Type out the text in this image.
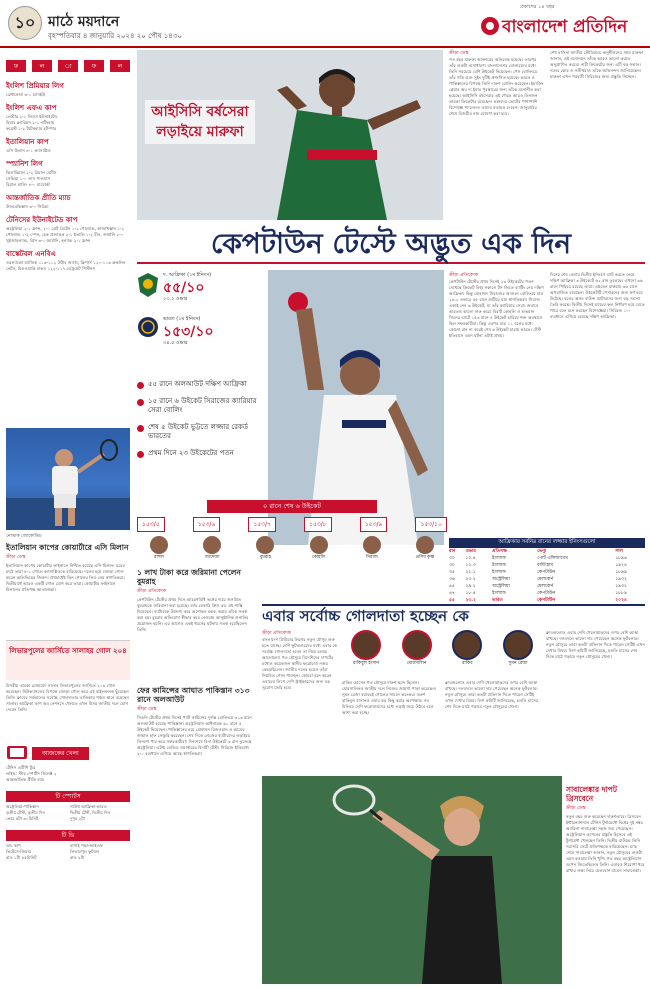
১০ মাঠে ময়দানে
বৃহস্পতিবার ৪ জানুয়ারি ২০২৪ ২০ পৌষ ১৪৩০
প্রকাশের ১৪ বছর
বাংলাদেশ প্রতিদিন
ফ	ল	া	ফ	ল
ইংলিশ প্রিমিয়ার লিগ
ব্রেন্টফোর্ড ৩-১ ম্যানইউ
ইংলিশ এফএ কাপ
লেস্টার ২-১ লিডস ইউনাইটেড
হিয়ার ক্ল্যারিয়ন ২-১ নটিংহাম
ফরেস্ট ১-২ টটেনহ্যাম হটস্পার
ইতালিয়ান কাপ
এসি মিলান ৪-১ ক্যাসাগ্লিও
স্প্যানিশ লিগ
ভিলারিয়াল ২-২ রিয়াল বেটিস
সেভিয়া ১-০ লাস পালমাস
রিয়াল মাদ্রিদ ৪-০ মায়োর্কা
আন্তর্জাতিক প্রীতি ম্যাচ
উজবেকিস্তান ৩-০ সিরিয়া
টেনিসের ইউনাইটেড কাপ
অস্ট্রেলিয়া ২-১ ফ্রান্স, ২-০ গ্রেট ব্রিটেন ১-২ পোল্যান্ড, কাজাখস্তান ১-২ পোল্যান্ড ১-২ স্পেন, চেক প্রজাতন্ত্র ২-১ ইতালি ১-২ চীন, জার্মানি ২-০ সুইজারল্যান্ড, গ্রিস ৩-০ জার্মানি, হল্যান্ড ২-১ ফ্রান্স
বাস্কেটবল এনবিএ
ওরল্যান্ডো ম্যাজিক ১১৬-১১২ উটাহ জ্যাজ, ক্লিপার্স ১২০-১০৬ ব্রুকলিন নেটস, মিলওয়াকি বাকস ১২২-১১৭ ডেট্রয়েট পিস্টনস
নোভাক জোকোভিচ
ইতালিয়ান কাপের কোয়ার্টারে এসি মিলান
ক্রীড়া ডেস্ক
ইতালিয়ান কাপের কোয়ার্টার ফাইনালে নিশ্চিত হয়েছে এসি মিলান। ঘরের মাঠে তারা ৪-১ গোলে ক্যাসাগ্লিওকে হারিয়েছে। দলের হয়ে জোড়া গোল করেন অলিভিয়ের জিরুদ। প্রথমার্ধেই তিন গোলের লিড নেয় স্বাগতিকরা। দ্বিতীয়ার্ধে আরও একটি গোল যোগ করে তারা। কোয়ার্টার ফাইনালে মিলানের প্রতিপক্ষ আতালান্তা।
লিভারপুলের জার্সিতে সালাহর গোল ২০৪
মিসরীয় তারকা মোহামেদ সালাহ লিভারপুলের জার্সিতে ২০৪ গোল করেছেন। নিউক্যাসলের বিপক্ষে জোড়া গোল করে এই মাইলফলক ছুঁয়েছেন তিনি। ক্লাবের সর্বকালের সর্বোচ্চ গোলদাতার তালিকায় পঞ্চম স্থানে রয়েছেন সালাহ। আফ্রিকা কাপ অব নেশনসে খেলতে এখন মিসর জাতীয় দলে যোগ দেবেন তিনি।
আজকের খেলা
টেনিস এটিপি ট্যুর
লাইভ: স্টার স্পোর্টস সিলেক্ট ২
আন্তর্জাতিক প্রীতি ম্যাচ
টি স্পোর্টস
অস্ট্রেলিয়া-পাকিস্তান
তৃতীয় টেস্ট, তৃতীয় দিন
ভোর ৫টা ৩০মিনিট
সাউথ আফ্রিকা-ভারত
দ্বিতীয় টেস্ট, দ্বিতীয় দিন
দুপুর ২টা
টি ভি
ডাচ কাপ
ভিটেসে-জিয়ার
রাত ১টা ৪৫মিনিট
বাসাই পদ্মা-আইএফ
লিভারপুল ফুটবল
রাত ২টা
আইসিসি বর্ষসেরা লড়াইয়ে মারুফা
ক্রীড়া ডেস্ক
গত বছর মারুফা আক্তারের অভিষেক হয়েছে। তারপর তাঁর শুরুটা অসাধারণ। বাংলাদেশের বোলারদের মধ্যে তিনি সবচেয়ে বেশি উইকেট নিয়েছেন। পেস বোলিংয়ে তাঁর গতি এবং সুইং দুটিই প্রশংসিত হয়েছে। ভারত ও পাকিস্তানের বিপক্ষে তিনি দারুণ বোলিং করেছেন। ইমার্জিং প্লেয়ার অব দ্য ইয়ার পুরস্কারের জন্য তাঁকে মনোনীত করা হয়েছে। আইসিসি বর্ষসেরার এই দৌড়ে আরও তিনজন তারকা ক্রিকেটার রয়েছেন। ভক্তদের ভোটের পাশাপাশি বিশেষজ্ঞ প্যানেলও তাদের মতামত দেবেন। জানুয়ারির শেষে বিজয়ীর নাম ঘোষণা করা হবে।
শেখ হাসিনা জাতীয় স্টেডিয়ামে অনুশীলনের সময় মারুফা জানান, এই মনোনয়ন তাঁকে আরও ভালো করতে অনুপ্রাণিত করবে। নারী ক্রিকেটের জন্য এটি বড় সম্মান। দলের কোচ ও সতীর্থরাও তাঁকে অভিনন্দন জানিয়েছেন। মারুফা এখন পরবর্তী সিরিজের জন্য প্রস্তুতি নিচ্ছেন।
কেপটাউন টেস্টে অদ্ভুত এক দিন
দ. আফ্রিকা (১ম ইনিংস)
৫৫/১০
২৩.২ ওভার
ভারত (১ম ইনিংস)
১৫৩/১০
৩৪.৫ ওভার
৫৫ রানে অলআউট দক্ষিণ আফ্রিকা
১৫ রানে ৬ উইকেট সিরাজের ক্যারিয়ার সেরা বোলিং
শেষ ৫ উইকেট ভুট্টতে লজ্জার রেকর্ড ভারতের
প্রথম দিনে ২৩ উইকেটের পতন
০ রানে শেষ ৬ উইকেট
১৫৩/৫	১৫৩/৬	১৫৩/৭	১৫৩/৮	১৫৩/৯	১৫৩/১০
রাহুল	জাদেজা	বুমরাহ	কোহলি	সিরাজ	প্রসিধ কৃষ্ণ
ক্রীড়া প্রতিবেদক
কেপটাউন টেস্টের প্রথম দিনেই ২৩ উইকেটের পতন দেখেছে ক্রিকেট বিশ্ব। সকালে টস জিতে ব্যাটিং নেয় দক্ষিণ আফ্রিকা। কিন্তু মোহাম্মদ সিরাজের আগুনে বোলিংয়ে মাত্র ২৩.২ ওভারে ৫৫ রানে গুটিয়ে যায় স্বাগতিকরা। সিরাজ একাই নেন ৬ উইকেট, যা তাঁর ক্যারিয়ার সেরা। জবাবে ভারতও ভালো শুরু করে। বিরাট কোহলি ও শুভমান গিলের ব্যাটে ১৫৩ রানে ৪ উইকেট হারিয়ে শক্ত অবস্থানে ছিল সফরকারীরা। কিন্তু এরপর মাত্র ১১ বলের মধ্যে কোনো রান না করেই শেষ ৬ উইকেট হারায় ভারত। টেস্ট ইতিহাসে এমন ঘটনা এটাই প্রথম।
দিনের শেষ বেলায় দ্বিতীয় ইনিংসে ব্যাট করতে নেমে দক্ষিণ আফ্রিকা ৩ উইকেটে ৬২ রান তুলেছে। এখনো ৩৬ রানে পিছিয়ে রয়েছে তারা। এইডেন মার্করাম ৩৬ রানে অপরাজিত রয়েছেন। উইকেটটি পেসারদের জন্য স্বর্গ হয়ে উঠেছে। বলের অসম বাউন্স ব্যাটারদের জন্য বড় সমস্যা তৈরি করছে। দ্বিতীয় দিনেই ম্যাচের ফল নির্ধারণ হয়ে যেতে পারে বলে মনে করছেন বিশেষজ্ঞরা। সিরিজে ১-০ ব্যবধানে এগিয়ে রয়েছে দক্ষিণ আফ্রিকা।
আফ্রিকার সর্বনিম্ন রানের লজ্জার ইনিংসগুলো
রান	ওভার	প্রতিপক্ষ	ভেন্যু	সাল
৩০	১২.৪	ইংল্যান্ড	পোর্ট এলিজাবেথ	১৮৯৬
৩০	১২.৩	ইংল্যান্ড	বার্মিংহাম	১৯২৪
৩৫	২২.১	ইংল্যান্ড	কেপটাউন	১৮৯৯
৩৬	২৩.২	অস্ট্রেলিয়া	মেলবোর্ন	১৯৩২
৪৫	২৯.২	অস্ট্রেলিয়া	মেলবোর্ন	১৯৩২
৪৭	১৮.৪	ইংল্যান্ড	কেপটাউন	১৮৮৯
৫৫	২৩.২	ভারত	কেপটাউন	২০২৪
১ লাখ টাকা করে জরিমানা পেলেন বুমরাহ
ক্রীড়া প্রতিবেদক
কেপটাউন টেস্টের প্রথম দিনে আচরণবিধি ভঙ্গের দায়ে জসপ্রিত বুমরাহকে জরিমানা করা হয়েছে। ম্যাচ রেফারি ক্রিস ব্রড এই শাস্তি দিয়েছেন। ব্যাটারকে উদ্দেশ্য করে অশোভন মন্তব্য করায় তাঁকে সতর্ক করা হয়। বুমরাহ অভিযোগ স্বীকার করে নেওয়ায় আনুষ্ঠানিক শুনানির প্রয়োজন হয়নি। এর আগেও একই ধরনের ঘটনায় সতর্ক হয়েছিলেন তিনি।
ফের কামিন্সের আঘাত পাকিস্তান ৩১৩ রানে অলআউট
ক্রীড়া ডেস্ক
সিডনি টেস্টের প্রথম দিনেই প্যাট কামিন্সের দুর্দান্ত বোলিংয়ে ৩১৩ রানে অলআউট হয়েছে পাকিস্তান। অস্ট্রেলিয়ান অধিনায়ক ৬১ রানে ৫ উইকেট নিয়েছেন। পাকিস্তানের হয়ে মোহাম্মদ রিজওয়ান ও আমের জামাল হাফ সেঞ্চুরি করেছেন। শেষ দিকে লেজের ব্যাটারদের লড়াইয়ে তিনশো পার করে সফরকারীরা। দিনশেষে বিনা উইকেটে ৬ রান তুলেছে অস্ট্রেলিয়া। এটাই ডেভিড ওয়ার্নারের বিদায়ী টেস্ট। সিরিজে ইতিমধ্যে ২-০ ব্যবধানে এগিয়ে আছে স্বাগতিকরা।
এবার সর্বোচ্চ গোলদাতা হচ্ছেন কে
ক্রীড়া প্রতিবেদক
বাংলাদেশ প্রিমিয়ার লিগের নতুন মৌসুম শুরু হতে যাচ্ছে। দেশি ফুটবলারদের মধ্যে এবার কে সর্বোচ্চ গোলদাতা হবেন তা নিয়ে চলছে আলোচনা। গত মৌসুমে বিদেশিদের দাপটের মধ্যেও কয়েকজন স্থানীয় ফরোয়ার্ড নজর কেড়েছিলেন। জাতীয় দলের হয়েও তাঁরা নিয়মিত গোল পাচ্ছেন। কোচরা মনে করেন এবারের লিগে দেশি স্ট্রাইকারদের জন্য বড় সুযোগ তৈরি হবে।
রাকিবুল হাসান	মোরসালিন	রাকিব	সুমন রেজা
রাকিব হোসেন গত মৌসুমে দারুণ ছন্দে ছিলেন। মোরসালিনও জাতীয় দলে নিজের জায়গা পাকা করেছেন। সুমন রেজা বরাবরই গোলের সামনে ভয়ংকর। তরুণ রাকিবুল হাসানও এবার বড় কিছু করার অপেক্ষায়। সব মিলিয়ে দেশি ফরোয়ার্ডদের মধ্যে লড়াই জমে উঠবে বলে আশা করা হচ্ছে।
ক্লাবগুলোও এবার দেশি খেলোয়াড়দের ওপর বেশি আস্থা রাখছে। দলবদলে ভালো দাম পেয়েছেন অনেক ফুটবলার। নতুন মৌসুমে তারা কতটা প্রতিদান দিতে পারেন সেটিই এখন দেখার বিষয়। লিগ কমিটি জানিয়েছে, চলতি মাসের শেষ দিকে মাঠে গড়াবে নতুন মৌসুমের খেলা।
সাবালেঙ্কার দাপট ব্রিসবেনে
ক্রীড়া ডেস্ক
নতুন বছর শুরু করেছেন দারুণভাবে। ব্রিসবেন ইন্টারন্যাশনাল টেনিস টুর্নামেন্টে বিশ্বের দুই নম্বর অ্যারিনা সাবালেঙ্কা সহজ জয় পেয়েছেন। অস্ট্রেলিয়ান ওপেনের প্রস্তুতি হিসেবে এই টুর্নামেন্ট খেলছেন তিনি। দ্বিতীয় রাউন্ডে তিনি সরাসরি সেটে প্রতিপক্ষকে হারিয়েছেন। ম্যাচ শেষে সাবালেঙ্কা জানান, নতুন মৌসুমের শুরুটা এমন হওয়ায় তিনি খুশি। গত বছর অস্ট্রেলিয়ান ওপেন জিতেছিলেন তিনি। এবারও শিরোপা ধরে রাখার লক্ষ্য নিয়ে মেলবোর্ন যাবেন সাবালেঙ্কা।
ক্লাবগুলোও এবার দেশি খেলোয়াড়দের ওপর বেশি আস্থা রাখছে। দলবদলে ভালো দাম পেয়েছেন অনেক ফুটবলার। নতুন মৌসুমে তারা কতটা প্রতিদান দিতে পারেন সেটিই এখন দেখার বিষয়। লিগ কমিটি জানিয়েছে, চলতি মাসের শেষ দিকে মাঠে গড়াবে নতুন মৌসুমের খেলা।
